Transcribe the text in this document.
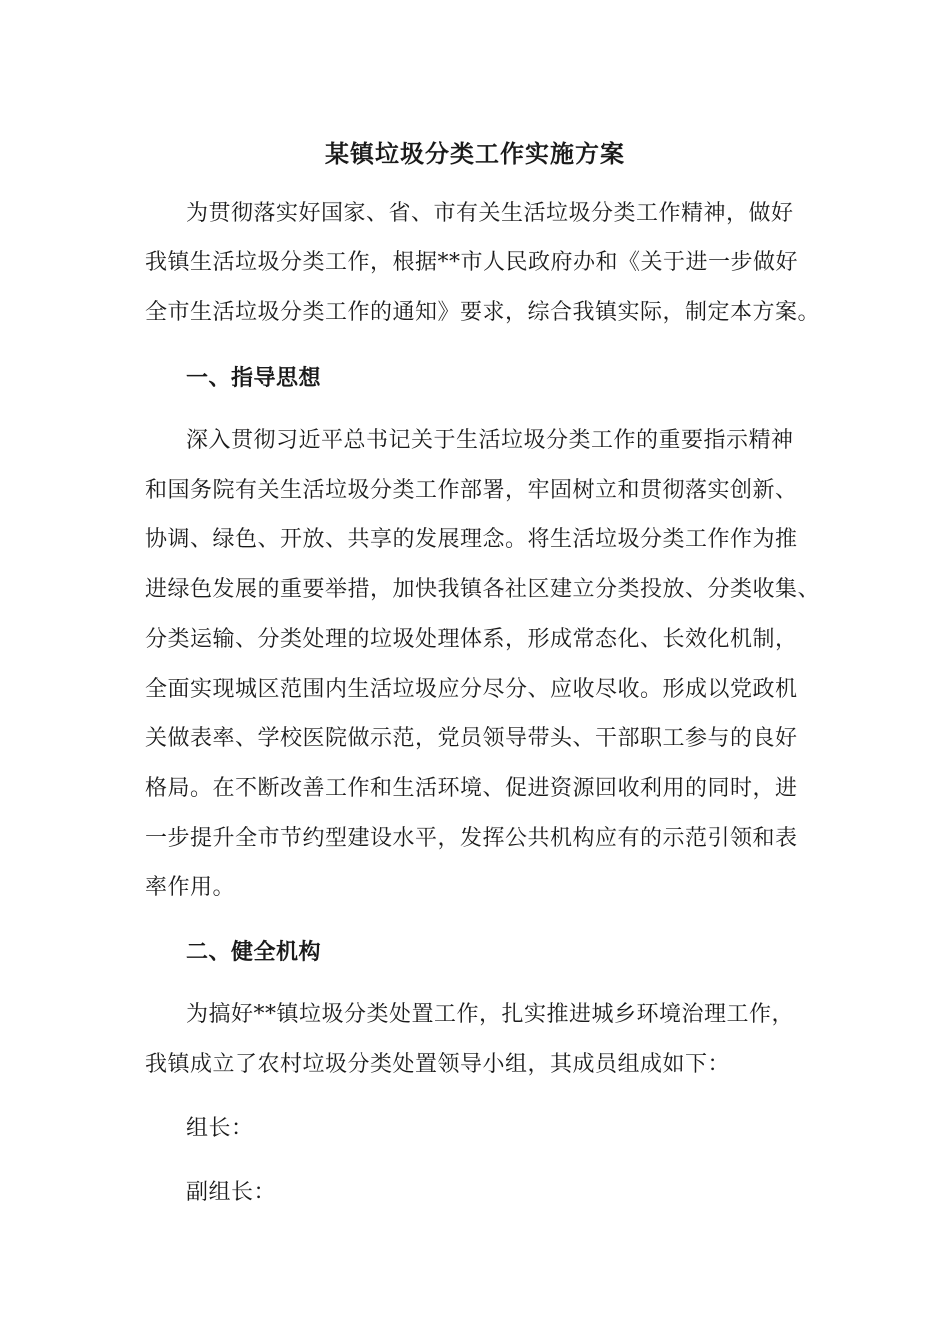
某镇垃圾分类工作实施方案
为贯彻落实好国家、省、市有关生活垃圾分类工作精神，做好
我镇生活垃圾分类工作，根据**市人民政府办和《关于进一步做好
全市生活垃圾分类工作的通知》要求，综合我镇实际，制定本方案。
一、指导思想
深入贯彻习近平总书记关于生活垃圾分类工作的重要指示精神
和国务院有关生活垃圾分类工作部署，牢固树立和贯彻落实创新、
协调、绿色、开放、共享的发展理念。将生活垃圾分类工作作为推
进绿色发展的重要举措，加快我镇各社区建立分类投放、分类收集、
分类运输、分类处理的垃圾处理体系，形成常态化、长效化机制，
全面实现城区范围内生活垃圾应分尽分、应收尽收。形成以党政机
关做表率、学校医院做示范，党员领导带头、干部职工参与的良好
格局。在不断改善工作和生活环境、促进资源回收利用的同时，进
一步提升全市节约型建设水平，发挥公共机构应有的示范引领和表
率作用。
二、健全机构
为搞好**镇垃圾分类处置工作，扎实推进城乡环境治理工作，
我镇成立了农村垃圾分类处置领导小组，其成员组成如下：
组长：
副组长：
